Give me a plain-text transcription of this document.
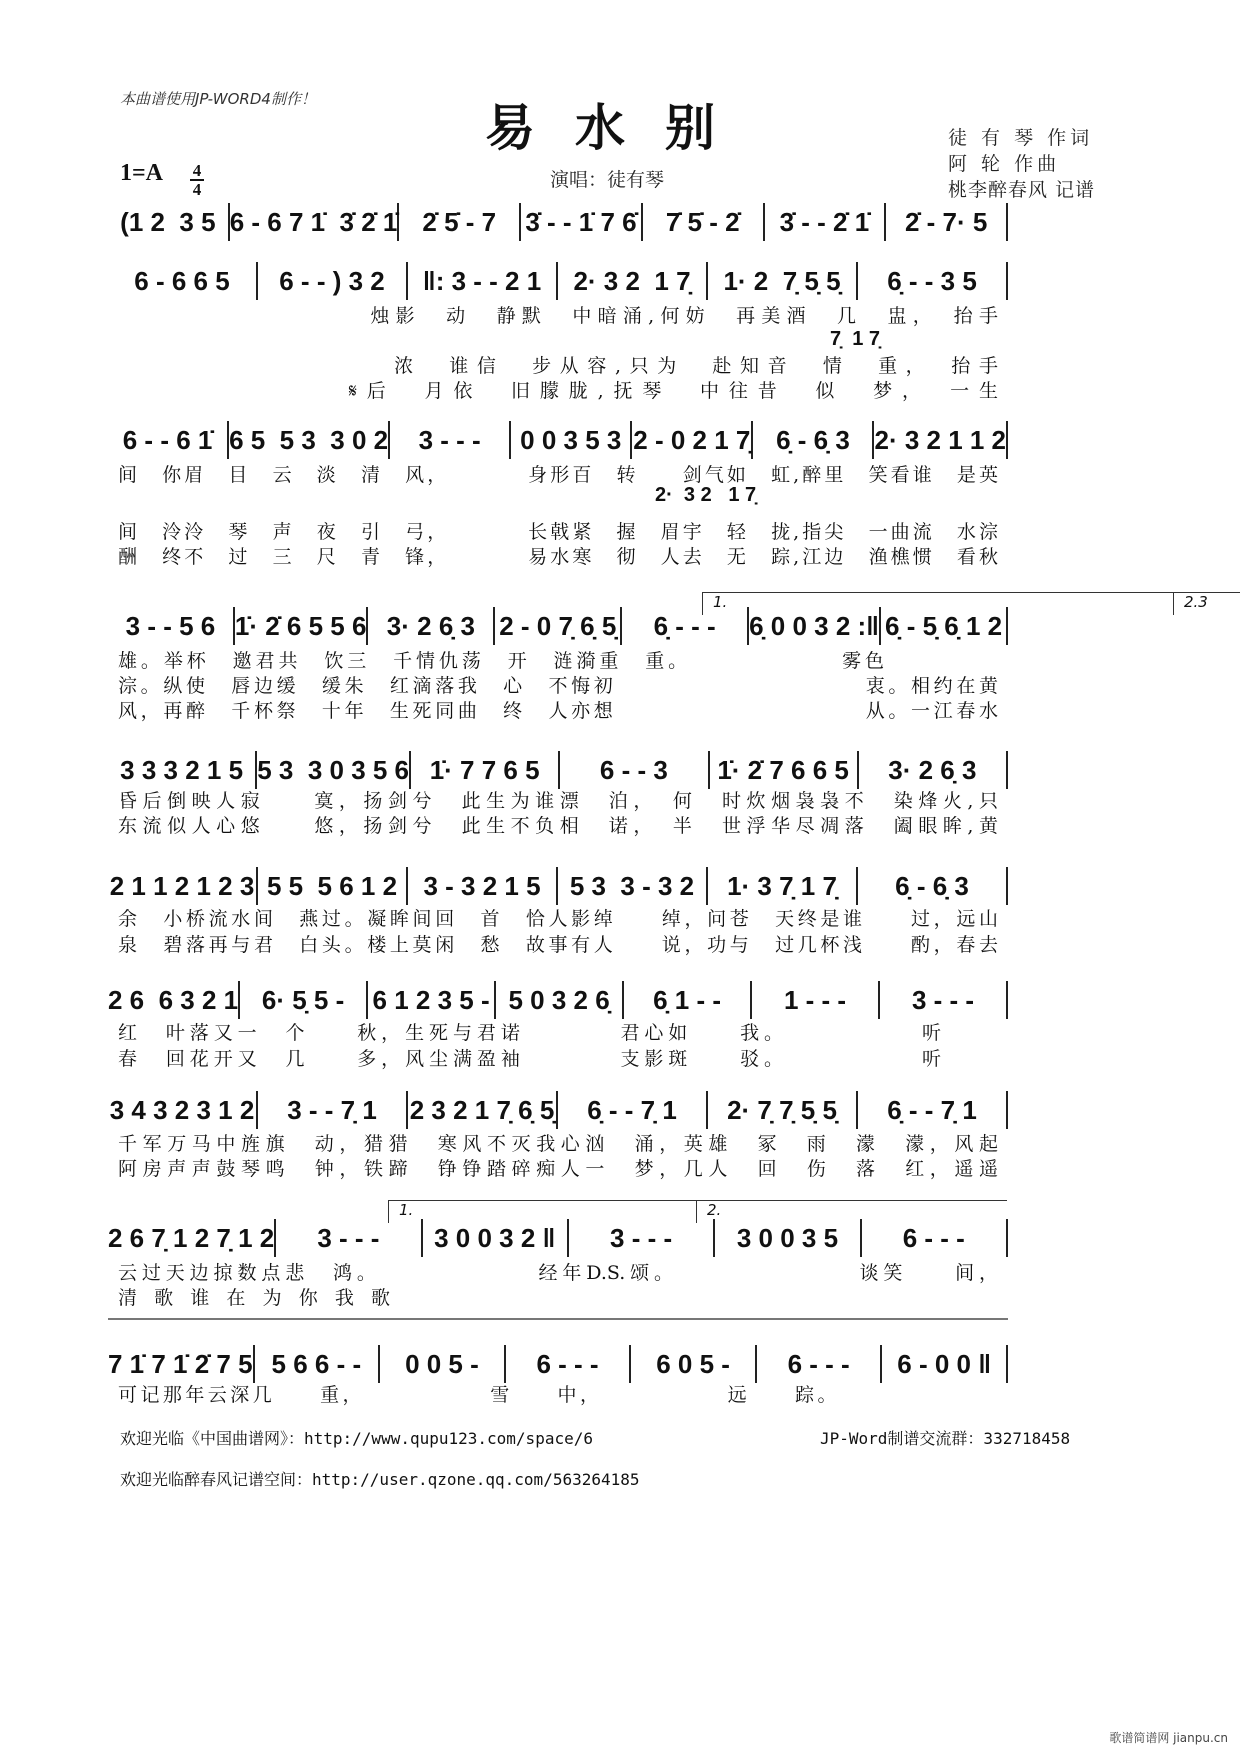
本曲谱使用JP-WORD4制作！	易水别
1=A 4
4	演唱：徒有琴
徒 有 琴 作词
阿 轮 作曲
桃李醉春风 记谱
(1 2  3 5 6 - 6 7 1̇  3̇ 2̇ 1̇ 2̇ 5̇ - 7	3̇ - - 1̇ 7 6̇	7̇ 5̇ - 2̇	3̇ - - 2̇ 1̇	2̇ - 7· 5
6 - 6 6 5	6 - - ) 3 2	‖: 3 - - 2 1	2· 3 2  1 7̣	1· 2  7̣ 5̣ 5̣	6̣ - - 3 5
　　　　　　　　　　烛影　动　静默　中暗涌,何妨　再美酒　几　盅，　抬手
　　　　　　　　　　浓　谁信　步从容,只为　赴知音　情　重，　抬手
　　　　　　　　𝄋后　月依　旧朦胧,抚琴　中往昔　似　梦，　一生
7̣  1 7̣
6 - - 6 1̇ 6 5  5 3  3 0 2	3 - - -	0 0 3 5 3 2 - 0 2 1 7̣ 6̣ - 6̣ 3 2· 3 2 1 1 2
间　你眉　目　云　淡　清　风，　　　　身形百　转　　剑气如　虹,醉里　笑看谁　是英
间　泠泠　琴　声　夜　引　弓，　　　　长戟紧　握　眉宇　轻　拢,指尖　一曲流　水淙
酬　终不　过　三　尺　青　锋，　　　　易水寒　彻　人去　无　踪,江边　渔樵惯　看秋
2·  3 2   1 7̣
3 - - 5 6 1̇· 2̇ 6 5 5 6 3· 2 6̣ 3 2 - 0 7̣ 6̣ 5̣	6̣ - - -	6̣ 0 0 3 2 :‖ 6̣ - 5̣ 6̣ 1 2
雄。举杯　邀君共　饮三　千情仇荡　开　涟漪重　重。　　　　　　　雾色　　　　　　
淙。纵使　唇边缓　缓朱　红滴落我　心　不悔初　　　　　　　　　　　衷。相约在黄
风，再醉　千杯祭　十年　生死同曲　终　人亦想　　　　　　　　　　　从。一江春水
1.	2.3
3 3 3 2 1 5 5 3  3 0 3 5 6 1̇· 7 7 6 5	6 - - 3	1̇· 2̇ 7 6 6 5	3· 2 6̣ 3
昏后倒映人寂　　寞，扬剑兮　此生为谁漂　泊，　何　时炊烟袅袅不　染烽火,只
东流似人心悠　　悠，扬剑兮　此生不负相　诺，　半　世浮华尽凋落　阖眼眸,黄
2 1 1 2 1 2 3 5 5  5 6 1 2	3 - 3 2 1 5	5 3  3 - 3 2	1· 3 7̣ 1 7̣	6̣ - 6̣ 3
余　小桥流水间　燕过。凝眸间回　首　恰人影绰　　绰，问苍　天终是谁　　过，远山
泉　碧落再与君　白头。楼上莫闲　愁　故事有人　　说，功与　过几杯浅　　酌，春去
2 6  6 3 2 1 6· 5̣ 5 -	6 1 2 3 5 - 5 0 3 2 6̣	6̣ 1 - -	1 - - -	3 - - -
红　叶落又一　个　　秋，生死与君诺　　　　君心如　　我。　　　　　　听　　　
春　回花开又　几　　多，风尘满盈袖　　　　支影斑　　驳。　　　　　　听　　　
3 4 3 2 3 1 2	3 - - 7̣ 1	2 3 2 1 7̣ 6̣ 5̣	6̣ - - 7̣ 1	2· 7̣ 7̣ 5̣ 5̣	6̣ - - 7̣ 1
千军万马中旌旗　动，猎猎　寒风不灭我心汹　涌，英雄　冢　雨　濛　濛，风起
阿房声声鼓琴鸣　钟，铁蹄　铮铮踏碎痴人一　梦，几人　回　伤　落　红，遥遥
2 6 7̣ 1 2 7̣ 1 2	3 - - -	3 0 0 3 2 ‖	3 - - -	3 0 0 3 5	6 - - -
云过天边掠数点悲　鸿。　　　　　　　经年D.S.颂。　　　　　　　　谈笑　　间，
清歌谁在为你我歌　　　　　　　　　　　　　　　　　　　　　　　　　　　　　　　　
1.	2.
7 1̇ 7 1̇ 2̇ 7 5 5 6 6 - -	0 0 5 -	6 - - -	6 0 5 -	6 - - -	6 - 0 0 ‖
可记那年云深几　　重，　　　　　　雪　　中，　　　　　　远　　踪。　　　　　　　　　
欢迎光临《中国曲谱网》：http://www.qupu123.com/space/6	JP-Word制谱交流群：332718458
欢迎光临醉春风记谱空间：http://user.qzone.qq.com/563264185
歌谱简谱网 jianpu.cn
